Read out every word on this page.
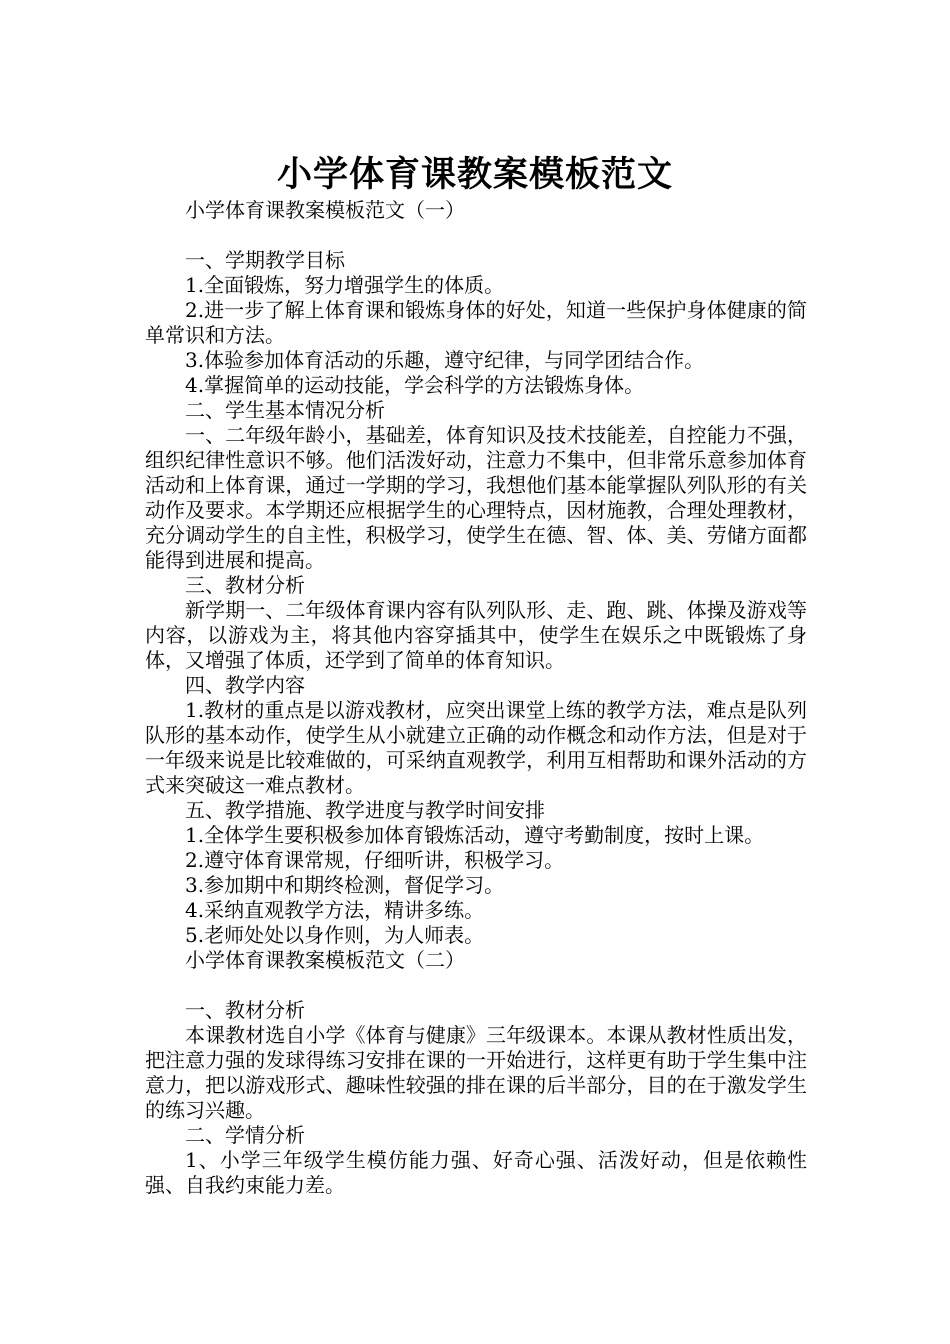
小学体育课教案模板范文

小学体育课教案模板范文（一）

一、学期教学目标

1.全面锻炼，努力增强学生的体质。

2.进一步了解上体育课和锻炼身体的好处，知道一些保护身体健康的简单常识和方法。

3.体验参加体育活动的乐趣，遵守纪律，与同学团结合作。

4.掌握简单的运动技能，学会科学的方法锻炼身体。

二、学生基本情况分析

一、二年级年龄小，基础差，体育知识及技术技能差，自控能力不强，组织纪律性意识不够。他们活泼好动，注意力不集中，但非常乐意参加体育活动和上体育课，通过一学期的学习，我想他们基本能掌握队列队形的有关动作及要求。本学期还应根据学生的心理特点，因材施教，合理处理教材，充分调动学生的自主性，积极学习，使学生在德、智、体、美、劳储方面都能得到进展和提高。

三、教材分析

新学期一、二年级体育课内容有队列队形、走、跑、跳、体操及游戏等内容，以游戏为主，将其他内容穿插其中，使学生在娱乐之中既锻炼了身体，又增强了体质，还学到了简单的体育知识。

四、教学内容

1.教材的重点是以游戏教材，应突出课堂上练的教学方法，难点是队列队形的基本动作，使学生从小就建立正确的动作概念和动作方法，但是对于一年级来说是比较难做的，可采纳直观教学，利用互相帮助和课外活动的方式来突破这一难点教材。

五、教学措施、教学进度与教学时间安排

1.全体学生要积极参加体育锻炼活动，遵守考勤制度，按时上课。

2.遵守体育课常规，仔细听讲，积极学习。

3.参加期中和期终检测，督促学习。

4.采纳直观教学方法，精讲多练。

5.老师处处以身作则，为人师表。

小学体育课教案模板范文（二）

一、教材分析

本课教材选自小学《体育与健康》三年级课本。本课从教材性质出发，把注意力强的发球得练习安排在课的一开始进行，这样更有助于学生集中注意力，把以游戏形式、趣味性较强的排在课的后半部分，目的在于激发学生的练习兴趣。

二、学情分析

1、小学三年级学生模仿能力强、好奇心强、活泼好动，但是依赖性强、自我约束能力差。
